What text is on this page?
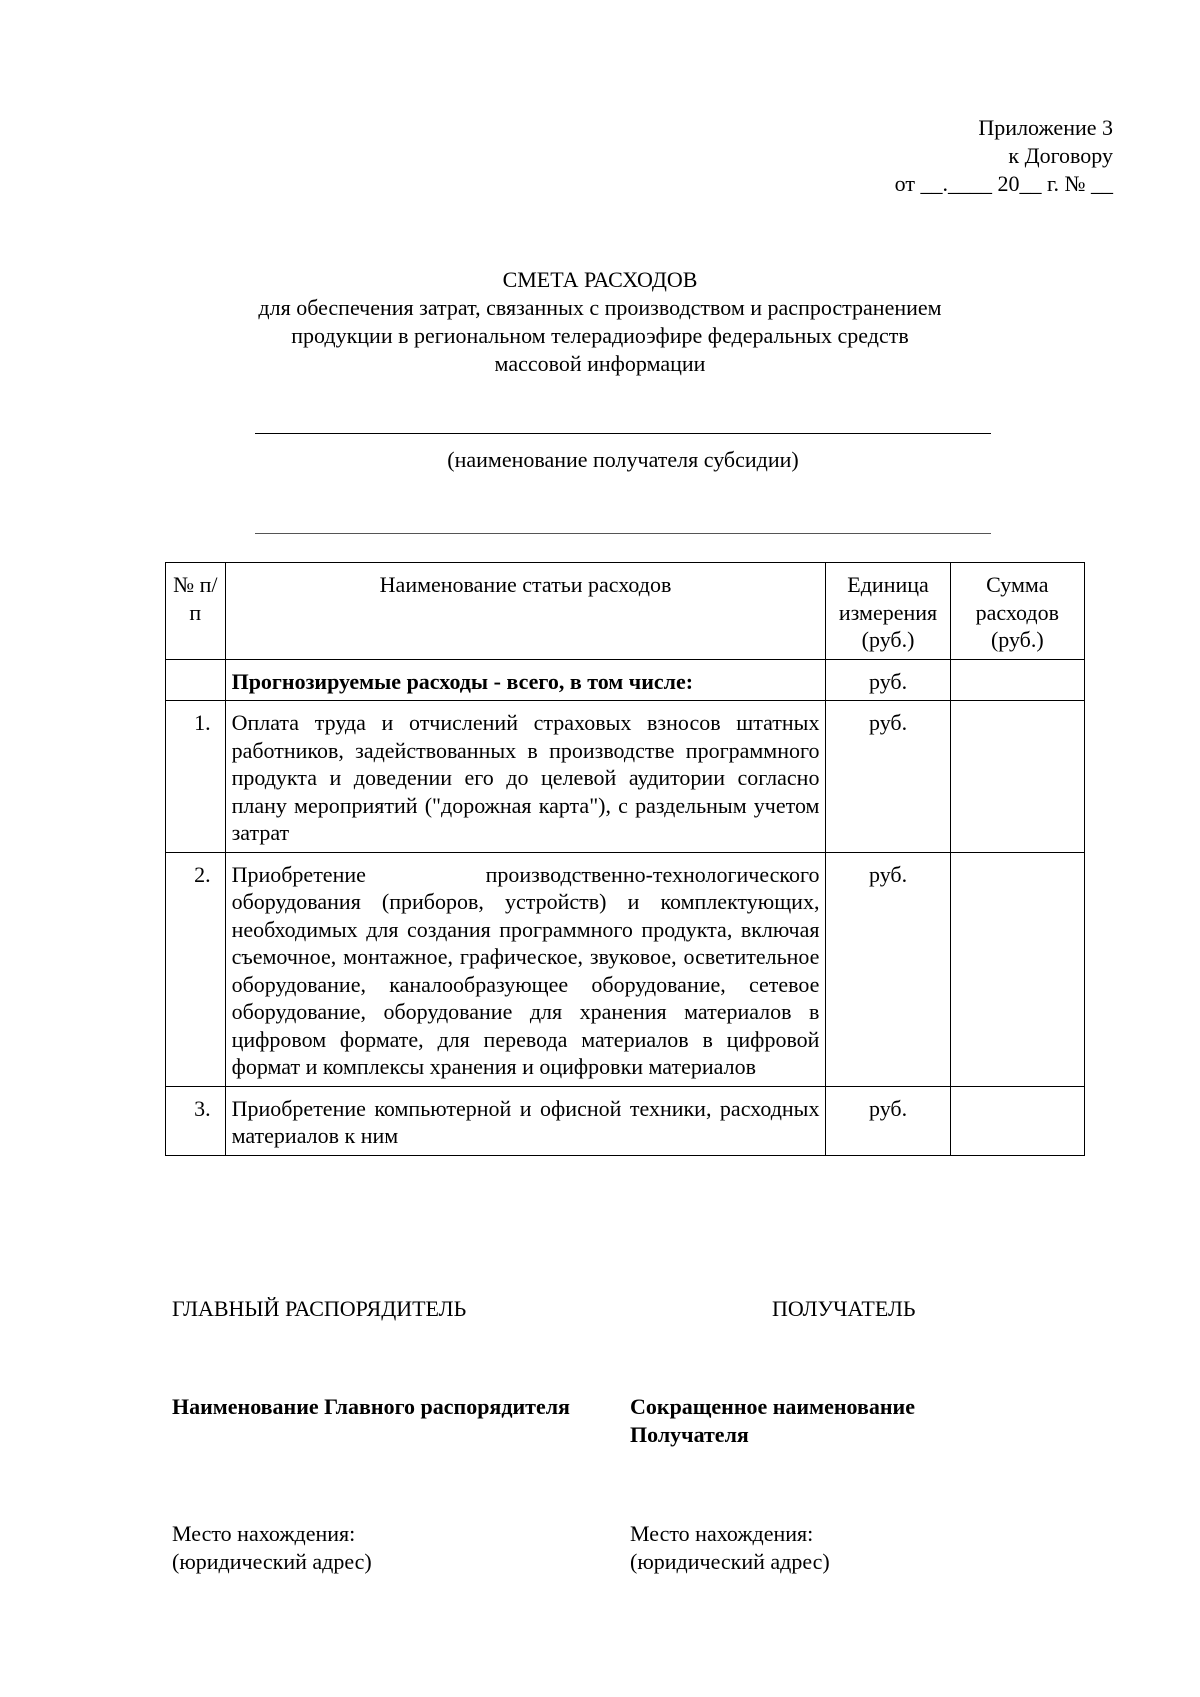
Приложение 3
к Договору
от __.____ 20__ г. № __
СМЕТА РАСХОДОВ
для обеспечения затрат, связанных с производством и распространением
продукции в региональном телерадиоэфире федеральных средств
массовой информации
(наименование получателя субсидии)
№ п/п	Наименование статьи расходов	Единица измерения (руб.)	Сумма расходов (руб.)
	Прогнозируемые расходы - всего, в том числе:	руб.	
1.	Оплата труда и отчислений страховых взносов штатных работников, задействованных в производстве программного продукта и доведении его до целевой аудитории согласно плану мероприятий ("дорожная карта"), с раздельным учетом затрат	руб.	
2.	Приобретение производственно-технологического оборудования (приборов, устройств) и комплектующих, необходимых для создания программного продукта, включая съемочное, монтажное, графическое, звуковое, осветительное оборудование, каналообразующее оборудование, сетевое оборудование, оборудование для хранения материалов в цифровом формате, для перевода материалов в цифровой формат и комплексы хранения и оцифровки материалов	руб.	
3.	Приобретение компьютерной и офисной техники, расходных материалов к ним	руб.	
ГЛАВНЫЙ РАСПОРЯДИТЕЛЬ	ПОЛУЧАТЕЛЬ
Наименование Главного распорядителя	Сокращенное наименование Получателя
Место нахождения:
(юридический адрес)
Место нахождения:
(юридический адрес)
